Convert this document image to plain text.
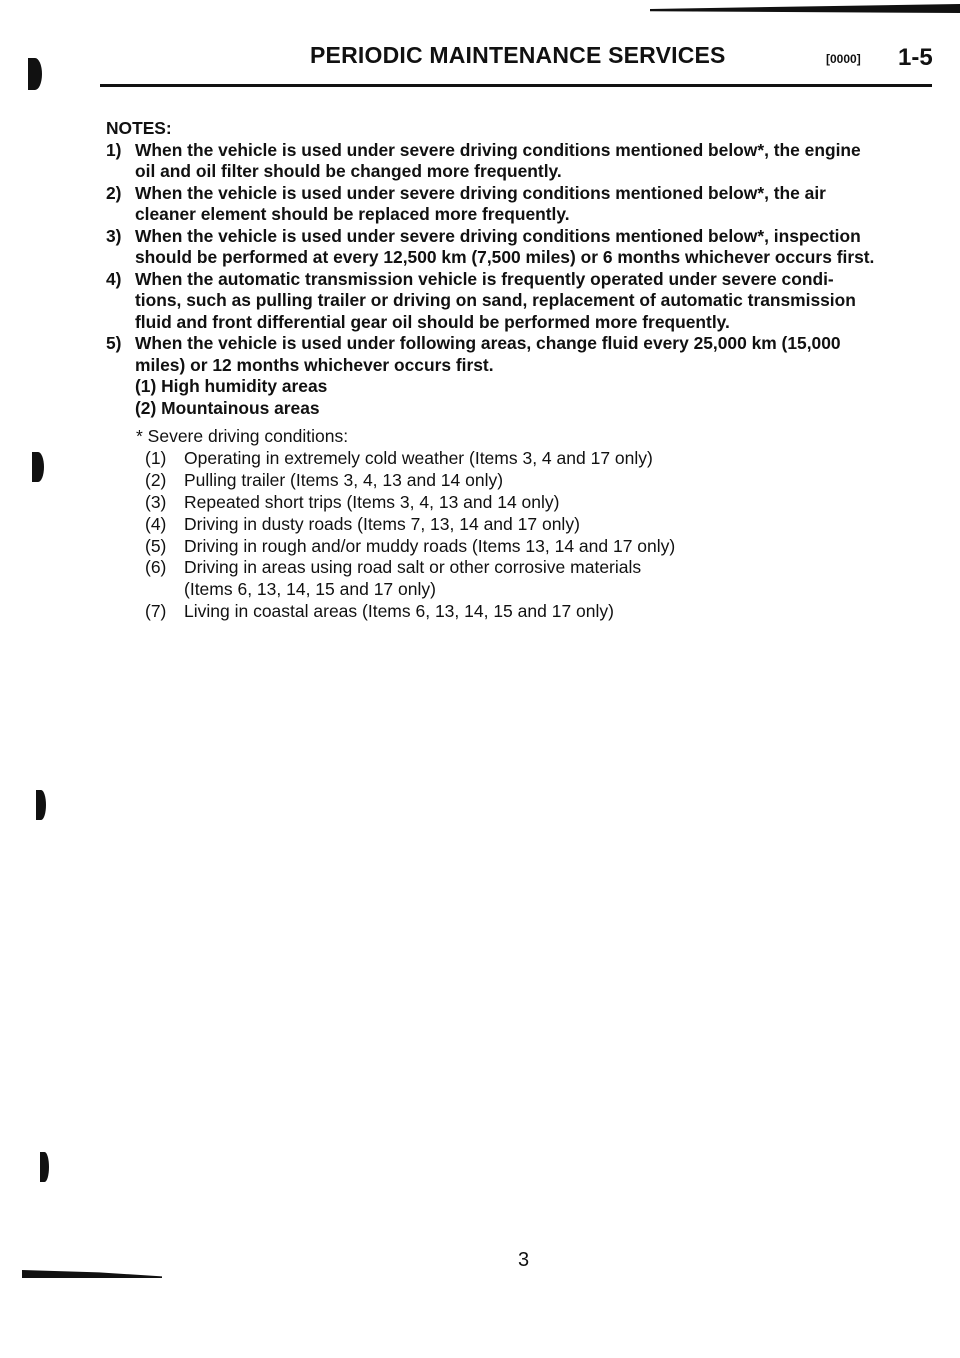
PERIODIC MAINTENANCE SERVICES	[0000] 1-5

NOTES:

1) When the vehicle is used under severe driving conditions mentioned below*, the engine
oil and oil filter should be changed more frequently.
2) When the vehicle is used under severe driving conditions mentioned below*, the air
cleaner element should be replaced more frequently.
3) When the vehicle is used under severe driving conditions mentioned below*, inspection
should be performed at every 12,500 km (7,500 miles) or 6 months whichever occurs first.
4) When the automatic transmission vehicle is frequently operated under severe condi-
tions, such as pulling trailer or driving on sand, replacement of automatic transmission
fluid and front differential gear oil should be performed more frequently.
5) When the vehicle is used under following areas, change fluid every 25,000 km (15,000
miles) or 12 months whichever occurs first.
(1) High humidity areas
(2) Mountainous areas

* Severe driving conditions:

(1)	Operating in extremely cold weather (Items 3, 4 and 17 only)
(2)	Pulling trailer (Items 3, 4, 13 and 14 only)
(3)	Repeated short trips (Items 3, 4, 13 and 14 only)
(4)	Driving in dusty roads (Items 7, 13, 14 and 17 only)
(5)	Driving in rough and/or muddy roads (Items 13, 14 and 17 only)
(6)	Driving in areas using road salt or other corrosive materials
(Items 6, 13, 14, 15 and 17 only)
(7)	Living in coastal areas (Items 6, 13, 14, 15 and 17 only)
3
